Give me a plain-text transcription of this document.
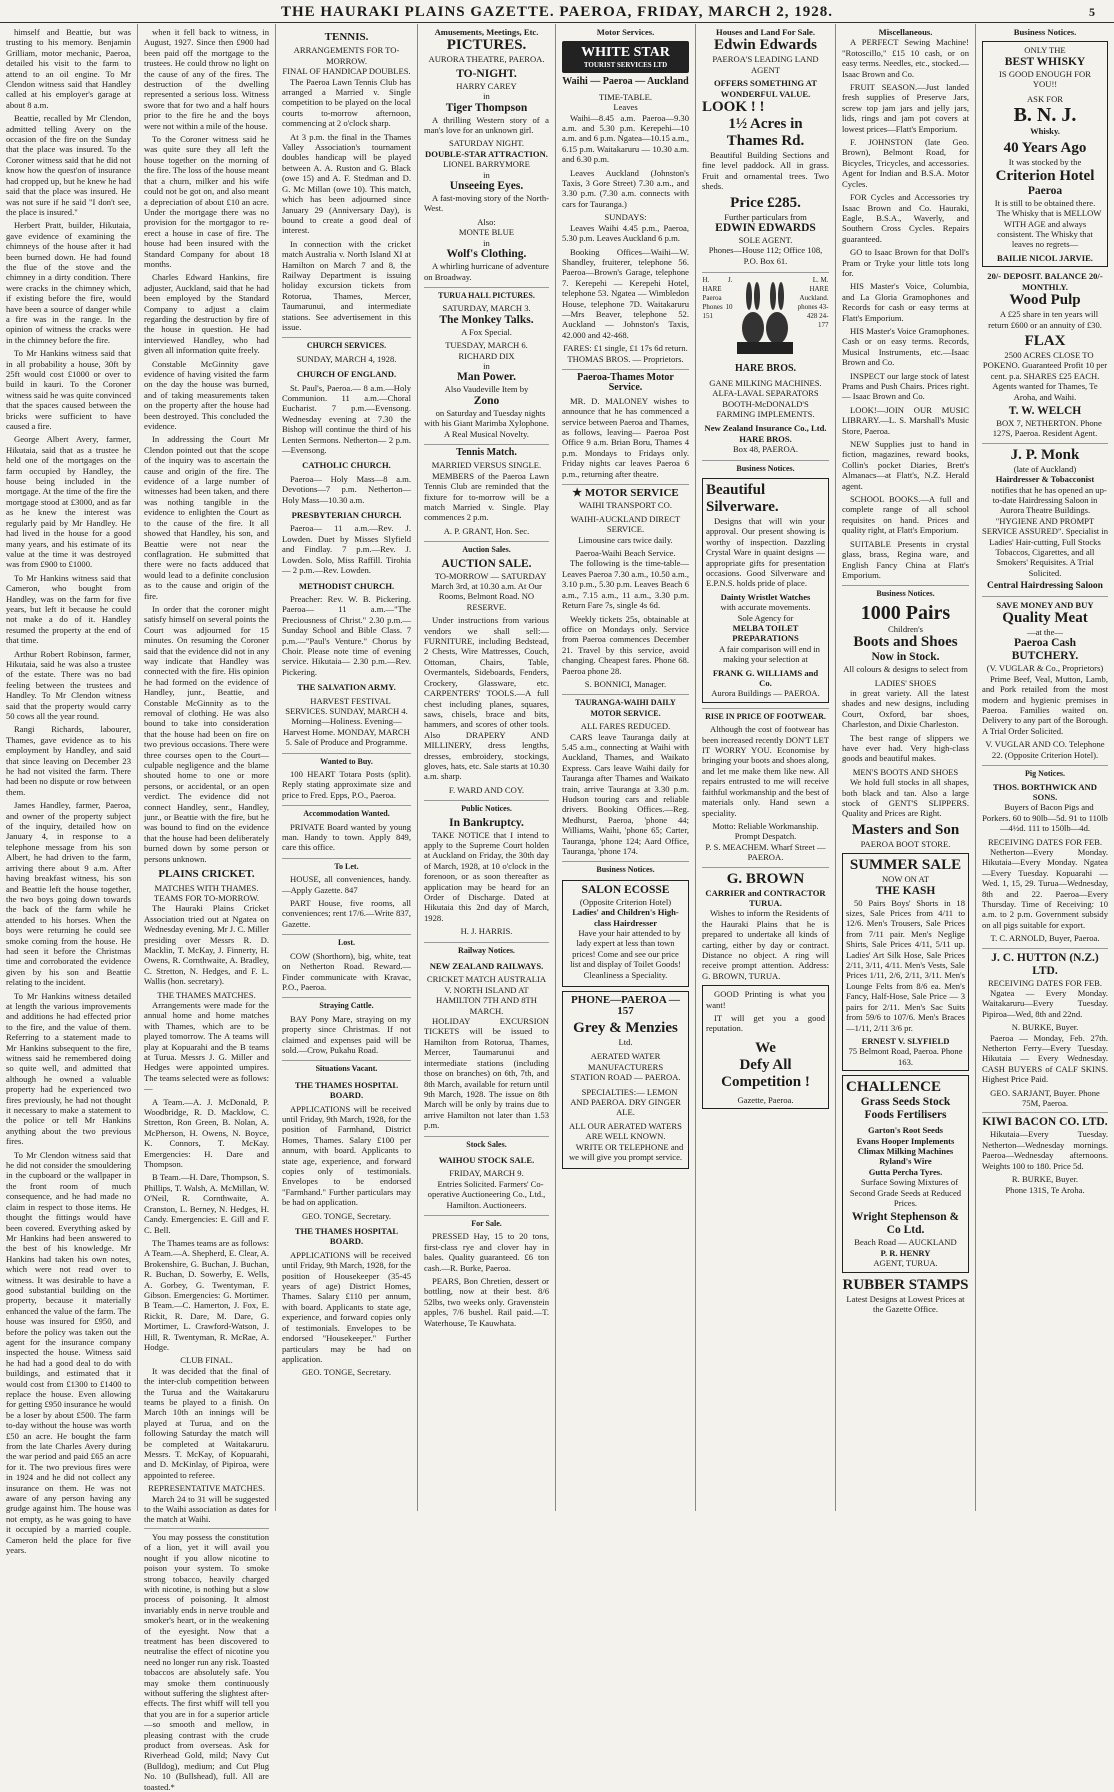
THE HAURAKI PLAINS GAZETTE. PAEROA, FRIDAY, MARCH 2, 1928.	5

himself and Beattie, but was trusting to his memory. Benjamin Grilliam, motor mechanic, Paeroa, detailed his visit to the farm to attend to an oil engine. To Mr Clendon witness said that Handley called at his employer's garage at about 8 a.m.

Beattie, recalled by Mr Clendon, admitted telling Avery on the occasion of the fire on the Sunday that the place was insured. To the Coroner witness said that he did not know how the quest'on of insurance had cropped up, but he knew he had said that the place was insured. He was not sure if he said "I don't see, the place is insured."

Herbert Pratt, builder, Hikutaia, gave evidence of examining the chimneys of the house after it had been burned down. He had found the flue of the stove and the chimney in a dirty condition. There were cracks in the chimney which, if existing before the fire, would have been a source of danger while a fire was in the range. In the opinion of witness the cracks were in the chimney before the fire.

To Mr Hankins witness said that in all probability a house, 30ft by 25ft would cost £1000 or over to build in kauri. To the Coroner witness said he was quite convinced that the spaces caused between the bricks were sufficient to have caused a fire.

George Albert Avery, farmer, Hikutaia, said that as a trustee he held one of the mortgages on the farm occupied by Handley, the house being included in the mortgage. At the time of the fire the mortgage stood at £3000, and as far as he knew the interest was regularly paid by Mr Handley. He had lived in the house for a good many years, and his estimate of its value at the time it was destroyed was from £900 to £1000.

To Mr Hankins witness said that Cameron, who bought from Handley, was on the farm for five years, but left it because he could not make a do of it. Handley resumed the property at the end of that time.

Arthur Robert Robinson, farmer, Hikutaia, said he was also a trustee of the estate. There was no bad feeling between the trustees and Handley. To Mr Clendon witness said that the property would carry 50 cows all the year round.

Rangi Richards, labourer, Thames, gave evidence as to his employment by Handley, and said that since leaving on December 23 he had not visited the farm. There had been no dispute or row between them.

James Handley, farmer, Paeroa, and owner of the property subject of the inquiry, detailed how on January 4, in response to a telephone message from his son Albert, he had driven to the farm, arriving there about 9 a.m. After having breakfast witness, his son and Beattie left the house together, the two boys going down towards the back of the farm while he attended to his horses. When the boys were returning he could see smoke coming from the house. He had seen it before the Christmas time and corroborated the evidence given by his son and Beattie relating to the incident.

To Mr Hankins witness detailed at length the various improvements and additions he had effected prior to the fire, and the value of them. Referring to a statement made to Mr Hankins subsequent to the fire, witness said he remembered doing so quite well, and admitted that although he owned a valuable property had he experienced two fires previously, he had not thought it necessary to make a statement to the police or tell Mr Hankins anything about the two previous fires.

To Mr Clendon witness said that he did not consider the smouldering in the cupboard or the wallpaper in the front room of much consequence, and he had made no claim in respect to those items. He thought the fittings would have been covered. Everything asked by Mr Hankins had been answered to the best of his knowledge. Mr Hankins had taken his own notes, which were not read over to witness. It was desirable to have a good substantial building on the property, because it materially enhanced the value of the farm. The house was insured for £950, and before the policy was taken out the agent for the insurance company inspected the house. Witness said he had had a good deal to do with buildings, and estimated that it would cost from £1300 to £1400 to replace the house. Even allowing for getting £950 insurance he would be a loser by about £500. The farm to-day without the house was worth £50 an acre. He bought the farm from the late Charles Avery during the war period and paid £65 an acre for it. The two previous fires were in 1924 and he did not collect any insurance on them. He was not aware of any person having any grudge against him. The house was not empty, as he was going to have it occupied by a married couple. Cameron held the place for five years.

when it fell back to witness, in August, 1927. Since then £900 had been paid off the mortgage to the trustees. He could throw no light on the cause of any of the fires. The destruction of the dwelling represented a serious loss. Witness swore that for two and a half hours prior to the fire he and the boys were not within a mile of the house.

To the Coroner witness said he was quite sure they all left the house together on the morning of the fire. The loss of the house meant that a churn, milker and his wife could not be got on, and also meant a depreciation of about £10 an acre. Under the mortgage there was no provision for the mortgagor to re-erect a house in case of fire. The house had been insured with the Standard Company for about 18 months.

Charles Edward Hankins, fire adjuster, Auckland, said that he had been employed by the Standard Company to adjust a claim regarding the destruction by fire of the house in question. He had interviewed Handley, who had given all information quite freely.

Constable McGinnity gave evidence of having visited the farm on the day the house was burned, and of taking measurements taken on the property after the house had been destroyed. This concluded the evidence.

In addressing the Court Mr Clendon pointed out that the scope of the inquiry was to ascertain the cause and origin of the fire. The evidence of a large number of witnesses had been taken, and there was nothing tangible in the evidence to enlighten the Court as to the cause of the fire. It all showed that Handley, his son, and Beattie were not near the conflagration. He submitted that there were no facts adduced that would lead to a definite conclusion as to the cause and origin of the fire.

In order that the coroner might satisfy himself on several points the Court was adjourned for 15 minutes. On resuming the Coroner said that the evidence did not in any way indicate that Handley was connected with the fire. His opinion he had formed on the evidence of Handley, junr., Beattie, and Constable McGinnity as to the removal of clothing. He was also bound to take into consideration that the house had been on fire on two previous occasions. There were three courses open to the Court—culpable negligence and the blame shouted home to one or more persons, or accidental, or an open verdict. The evidence did not connect Handley, senr., Handley, junr., or Beattie with the fire, but he was bound to find on the evidence that the house had been deliberately burned down by some person or persons unknown.

PLAINS CRICKET.
MATCHES WITH THAMES.
TEAMS FOR TO-MORROW.

The Hauraki Plains Cricket Association tried out at Ngatea on Wednesday evening. Mr J. C. Miller presiding over Messrs R. D. Macklin, T. McKay, J. Finnerty, H. Owens, R. Cornthwaite, A. Bradley, C. Stretton, N. Hedges, and F. L. Wallis (hon. secretary).

THE THAMES MATCHES.

Arrangements were made for the annual home and home matches with Thames, which are to be played tomorrow. The A teams will play at Kopuarahi and the B teams at Turua. Messrs J. G. Miller and Hedges were appointed umpires. The teams selected were as follows:—

A Team.—A. J. McDonald, P. Woodbridge, R. D. Macklow, C. Stretton, Ron Green, B. Nolan, A. McPherson, H. Owens, N. Boyce, K. Connors, T. McKay. Emergencies: H. Dare and Thompson.

B Team.—H. Dare, Thompson, S. Phillips, T. Walsh, A. McMillan, W. O'Neil, R. Cornthwaite, A. Cranston, L. Berney, N. Hedges, H. Candy. Emergencies: E. Gill and F. C. Bell.

The Thames teams are as follows: A Team.—A. Shepherd, E. Clear, A. Brokenshire, G. Buchan, J. Buchan, R. Buchan, D. Sowerby, E. Wells, A. Gorbey, G. Twentyman, F. Gibson. Emergencies: G. Mortimer. B Team.—C. Hamerton, J. Fox, E. Rickit, R. Dare, M. Dare, G. Mortimer, L. Crawford-Watson, J. Hill, R. Twentyman, R. McRae, A. Hodge.

CLUB FINAL.

It was decided that the final of the inter-club competition between the Turua and the Waitakaruru teams be played to a finish. On March 10th an innings will be played at Turua, and on the following Saturday the match will be completed at Waitakaruru. Messrs. T. McKay, of Kopuarahi, and D. McKinlay, of Pipiroa, were appointed to referee.

REPRESENTATIVE MATCHES.

March 24 to 31 will be suggested to the Waihi association as dates for the match at Waihi.

You may possess the constitution of a lion, yet it will avail you nought if you allow nicotine to poison your system. To smoke strong tobacco, heavily charged with nicotine, is nothing but a slow process of poisoning. It almost invariably ends in nerve trouble and smoker's heart, or in the weakening of the eyesight. Now that a treatment has been discovered to neutralise the effect of nicotine you need no longer run any risk. Toasted tobaccos are absolutely safe. You may smoke them continuously without suffering the slightest after-effects. The first whiff will tell you that you are in for a superior article—so smooth and mellow, in pleasing contrast with the crude product from overseas. Ask for Riverhead Gold, mild; Navy Cut (Bulldog), medium; and Cut Plug No. 10 (Bullshead), full. All are toasted.*

TENNIS.
ARRANGEMENTS FOR TO-MORROW.
FINAL OF HANDICAP DOUBLES.

The Paeroa Lawn Tennis Club has arranged a Married v. Single competition to be played on the local courts to-morrow afternoon, commencing at 2 o'clock sharp.

At 3 p.m. the final in the Thames Valley Association's tournament doubles handicap will be played between A. A. Ruston and G. Black (owe 15) and A. F. Stedman and D. G. Mc Millan (owe 10). This match, which has been adjourned since January 29 (Anniversary Day), is bound to create a good deal of interest.

In connection with the cricket match Australia v. North Island XI at Hamilton on March 7 and 8, the Railway Department is issuing holiday excursion tickets from Rotorua, Thames, Mercer, Taumarunui, and intermediate stations. See advertisement in this issue.

CHURCH SERVICES.
SUNDAY, MARCH 4, 1928.
CHURCH OF ENGLAND.

St. Paul's, Paeroa.— 8 a.m.—Holy Communion. 11 a.m.—Choral Eucharist. 7 p.m.—Evensong. Wednesday evening at 7.30 the Bishop will continue the third of his Lenten Sermons. Netherton— 2 p.m.—Evensong.

CATHOLIC CHURCH.

Paeroa— Holy Mass—8 a.m. Devotions—7 p.m. Netherton— Holy Mass—10.30 a.m.

PRESBYTERIAN CHURCH.

Paeroa— 11 a.m.—Rev. J. Lowden. Duet by Misses Slyfield and Findlay. 7 p.m.—Rev. J. Lowden. Solo, Miss Raffill. Tirohia— 2 p.m.—Rev. Lowden.

METHODIST CHURCH.

Preacher: Rev. W. B. Pickering. Paeroa— 11 a.m.—"The Preciousness of Christ." 2.30 p.m.—Sunday School and Bible Class. 7 p.m.—"Paul's Venture." Chorus by Choir. Please note time of evening service. Hikutaia— 2.30 p.m.—Rev. Pickering.

THE SALVATION ARMY.

HARVEST FESTIVAL SERVICES. SUNDAY, MARCH 4. Morning—Holiness. Evening—Harvest Home. MONDAY, MARCH 5. Sale of Produce and Programme.

Wanted to Buy.

100 HEART Totara Posts (split). Reply stating approximate size and price to Fred. Epps, P.O., Paeroa.

Accommodation Wanted.

PRIVATE Board wanted by young man. Handy to town. Apply 849, care this office.

To Let.

HOUSE, all conveniences, handy.—Apply Gazette. 847

PART House, five rooms, all conveniences; rent 17/6.—Write 837, Gazette.

Lost.

COW (Shorthorn), big, white, teat on Netherton Road. Reward.—Finder communicate with Kravac, P.O., Paeroa.

Straying Cattle.

BAY Pony Mare, straying on my property since Christmas. If not claimed and expenses paid will be sold.—Crow, Pukahu Road.

Situations Vacant.
THE THAMES HOSPITAL BOARD.

APPLICATIONS will be received until Friday, 9th March, 1928, for the position of Farmhand, District Homes, Thames. Salary £100 per annum, with board. Applicants to state age, experience, and forward copies only of testimonials. Envelopes to be endorsed "Farmhand." Further particulars may be had on application.

GEO. TONGE, Secretary.
THE THAMES HOSPITAL BOARD.

APPLICATIONS will be received until Friday, 9th March, 1928, for the position of Housekeeper (35-45 years of age) District Homes, Thames. Salary £110 per annum, with board. Applicants to state age, experience, and forward copies only of testimonials. Envelopes to be endorsed "Housekeeper." Further particulars may be had on application.

GEO. TONGE, Secretary.
Amusements, Meetings, Etc.
PICTURES.
AURORA THEATRE, PAEROA.
TO-NIGHT.
HARRY CAREY
in
Tiger Thompson

A thrilling Western story of a man's love for an unknown girl.

SATURDAY NIGHT.
DOUBLE-STAR ATTRACTION.
LIONEL BARRYMORE
in
Unseeing Eyes.

A fast-moving story of the North-West.

Also:
MONTE BLUE
in
Wolf's Clothing.

A whirling hurricane of adventure on Broadway.

TURUA HALL PICTURES.
SATURDAY, MARCH 3.
The Monkey Talks.
A Fox Special.
TUESDAY, MARCH 6.
RICHARD DIX
in
Man Power.
Also Vaudeville Item by
Zono

on Saturday and Tuesday nights with his Giant Marimba Xylophone. A Real Musical Novelty.

Tennis Match.
MARRIED VERSUS SINGLE.

MEMBERS of the Paeroa Lawn Tennis Club are reminded that the fixture for to-morrow will be a match Married v. Single. Play commences 2 p.m.

A. P. GRANT, Hon. Sec.
Auction Sales.
AUCTION SALE.

TO-MORROW — SATURDAY March 3rd, at 10.30 a.m. At Our Rooms, Belmont Road. NO RESERVE.

Under instructions from various vendors we shall sell:— FURNITURE, including Bedstead, 2 Chests, Wire Mattresses, Couch, Ottoman, Chairs, Table, Overmantels, Sideboards, Fenders, Crockery, Glassware, etc. CARPENTERS' TOOLS.—A full chest including planes, squares, saws, chisels, brace and bits, hammers, and scores of other tools. Also DRAPERY AND MILLINERY, dress lengths, dresses, embroidery, stockings, gloves, hats, etc. Sale starts at 10.30 a.m. sharp.

F. WARD AND COY.
Public Notices.
In Bankruptcy.

TAKE NOTICE that I intend to apply to the Supreme Court holden at Auckland on Friday, the 30th day of March, 1928, at 10 o'clock in the forenoon, or as soon thereafter as application may be heard for an Order of Discharge. Dated at Hikutaia this 2nd day of March, 1928.

H. J. HARRIS.
Railway Notices.
NEW ZEALAND RAILWAYS.
CRICKET MATCH AUSTRALIA V. NORTH ISLAND AT HAMILTON 7TH AND 8TH MARCH.

HOLIDAY EXCURSION TICKETS will be issued to Hamilton from Rotorua, Thames, Mercer, Taumarunui and intermediate stations (including those on branches) on 6th, 7th, and 8th March, available for return until 9th March, 1928. The issue on 8th March will be only by trains due to arrive Hamilton not later than 1.53 p.m.

Stock Sales.
WAIHOU STOCK SALE.
FRIDAY, MARCH 9.

Entries Solicited. Farmers' Co-operative Auctioneering Co., Ltd., Hamilton. Auctioneers.

For Sale.

PRESSED Hay, 15 to 20 tons, first-class rye and clover hay in bales. Quality guaranteed. £6 ton cash.—R. Burke, Paeroa.

PEARS, Bon Chretien, dessert or bottling, now at their best. 8/6 52lbs, two weeks only. Gravenstein apples, 7/6 bushel. Rail paid.—T. Waterhouse, Te Kauwhata.

Motor Services.
WHITE STAR
TOURIST SERVICES LTD
Waihi — Paeroa — Auckland
TIME-TABLE.
Leaves

Waihi—8.45 a.m. Paeroa—9.30 a.m. and 5.30 p.m. Kerepehi—10 a.m. and 6 p.m. Ngatea—10.15 a.m., 6.15 p.m. Waitakaruru — 10.30 a.m. and 6.30 p.m.

Leaves Auckland (Johnston's Taxis, 3 Gore Street) 7.30 a.m., and 3.30 p.m. (7.30 a.m. connects with cars for Tauranga.)

SUNDAYS:

Leaves Waihi 4.45 p.m., Paeroa, 5.30 p.m. Leaves Auckland 6 p.m.

Booking Offices—Waihi—W. Shandley, fruiterer, telephone 56. Paeroa—Brown's Garage, telephone 7. Kerepehi — Kerepehi Hotel, telephone 53. Ngatea — Wimbledon House, telephone 7D. Waitakaruru—Mrs Beaver, telephone 52. Auckland — Johnston's Taxis, 42.000 and 42-468.

FARES: £1 single, £1 17s 6d return.
THOMAS BROS. — Proprietors.
Paeroa-Thames Motor Service.

MR. D. MALONEY wishes to announce that he has commenced a service between Paeroa and Thames, as follows, leaving— Paeroa Post Office 9 a.m. Brian Boru, Thames 4 p.m. Mondays to Fridays only. Friday nights car leaves Paeroa 6 p.m., returning after theatre.

★ MOTOR SERVICE
WAIHI TRANSPORT CO.
WAIHI-AUCKLAND DIRECT SERVICE.
Limousine cars twice daily.
Paeroa-Waihi Beach Service.

The following is the time-table— Leaves Paeroa 7.30 a.m., 10.50 a.m., 3.10 p.m., 5.30 p.m. Leaves Beach 6 a.m., 7.15 a.m., 11 a.m., 3.30 p.m. Return Fare 7s, single 4s 6d.

Weekly tickets 25s, obtainable at office on Mondays only. Service from Paeroa commences December 21. Travel by this service, avoid changing. Cheapest fares. Phone 68. Paeroa phone 28.

S. BONNICI, Manager.
TAURANGA-WAIHI DAILY MOTOR SERVICE.
ALL FARES REDUCED.

CARS leave Tauranga daily at 5.45 a.m., connecting at Waihi with Auckland, Thames, and Waikato Express. Cars leave Waihi daily for Tauranga after Thames and Waikato train, arrive Tauranga at 3.30 p.m. Hudson touring cars and reliable drivers. Booking Offices.—Reg. Medhurst, Paeroa, 'phone 44; Williams, Waihi, 'phone 65; Carter, Tauranga, 'phone 124; Aard Office, Tauranga, 'phone 174.

Business Notices.
SALON ECOSSE
(Opposite Criterion Hotel)
Ladies' and Children's High-class Hairdresser

Have your hair attended to by lady expert at less than town prices! Come and see our price list and display of Toilet Goods! Cleanliness a Speciality.

PHONE—PAEROA —157
Grey & Menzies
Ltd.
AERATED WATER MANUFACTURERS
STATION ROAD — PAEROA.

SPECIALTIES:— LEMON AND PAEROA. DRY GINGER ALE.

ALL OUR AERATED WATERS ARE WELL KNOWN.

WRITE OR TELEPHONE and we will give you prompt service.

Houses and Land For Sale.
Edwin Edwards
PAEROA'S LEADING LAND AGENT
OFFERS SOMETHING AT WONDERFUL VALUE.
LOOK ! !
1½ Acres in Thames Rd.

Beautiful Building Sections and fine level paddock. All in grass. Fruit and ornamental trees. Two sheds.

Price £285.
Further particulars from
EDWIN EDWARDS
SOLE AGENT.
Phones—House 112; Office 108, P.O. Box 61.
H. J. HARE Paeroa Phones 10 151
L. M. HARE Auckland. phones 43-428 24-177
HARE BROS.
GANE MILKING MACHINES.
ALFA-LAVAL SEPARATORS
BOOTH-McDONALD'S
FARMING IMPLEMENTS.
New Zealand Insurance Co., Ltd.
HARE BROS.
Box 48, PAEROA.
Business Notices.
Beautiful Silverware.

Designs that will win your approval. Our present showing is worthy of inspection. Dazzling Crystal Ware in quaint designs — appropriate gifts for presentation occasions. Good Silverware and E.P.N.S. holds pride of place.

Dainty Wristlet Watches
with accurate movements.
Sole Agency for
MELBA TOILET PREPARATIONS

A fair comparison will end in making your selection at

FRANK G. WILLIAMS and Co.
Aurora Buildings — PAEROA.
RISE IN PRICE OF FOOTWEAR.

Although the cost of footwear has been increased recently DON'T LET IT WORRY YOU. Economise by bringing your boots and shoes along, and let me make them like new. All repairs entrusted to me will receive faithful workmanship and the best of materials only. Hand sewn a speciality.

Motto: Reliable Workmanship. Prompt Despatch.
P. S. MEACHEM. Wharf Street — PAEROA.
G. BROWN
CARRIER and CONTRACTOR TURUA.

Wishes to inform the Residents of the Hauraki Plains that he is prepared to undertake all kinds of carting, either by day or contract. Distance no object. A ring will receive prompt attention. Address: G. BROWN, TURUA.

GOOD Printing is what you want!

IT will get you a good reputation.

We
Defy All
Competition !
Gazette, Paeroa.
Miscellaneous.

A PERFECT Sewing Machine! "Rotoscillo," £15 10 cash, or on easy terms. Needles, etc., stocked.—Isaac Brown and Co.

FRUIT SEASON.—Just landed fresh supplies of Preserve Jars, screw top jam jars and jelly jars, lids, rings and jam pot covers at lowest prices—Flatt's Emporium.

F. JOHNSTON (late Geo. Brown), Belmont Road, for Bicycles, Tricycles, and accessories. Agent for Indian and B.S.A. Motor Cycles.

FOR Cycles and Accessories try Isaac Brown and Co. Hauraki, Eagle, B.S.A., Waverly, and Southern Cross Cycles. Repairs guaranteed.

GO to Isaac Brown for that Doll's Pram or Tryke your little tots long for.

HIS Master's Voice, Columbia, and La Gloria Gramophones and Records for cash or easy terms at Flatt's Emporium.

HIS Master's Voice Gramophones. Cash or on easy terms. Records, Musical Instruments, etc.—Isaac Brown and Co.

INSPECT our large stock of latest Prams and Push Chairs. Prices right. — Isaac Brown and Co.

LOOK!—JOIN OUR MUSIC LIBRARY.—L. S. Marshall's Music Store, Paeroa.

NEW Supplies just to hand in fiction, magazines, reward books, Collin's pocket Diaries, Brett's Almanacs—at Flatt's, N.Z. Herald agent.

SCHOOL BOOKS.—A full and complete range of all school requisites on hand. Prices and quality right, at Flatt's Emporium.

SUITABLE Presents in crystal glass, brass, Regina ware, and English Fancy China at Flatt's Emporium.

Business Notices.
1000 Pairs
Children's
Boots and Shoes
Now in Stock.
All colours & designs to select from
LADIES' SHOES

in great variety. All the latest shades and new designs, including Court, Oxford, bar shoes, Charleston, and Dixie Charleston.

The best range of slippers we have ever had. Very high-class goods and beautiful makes.

MEN'S BOOTS AND SHOES

We hold full stocks in all shapes, both black and tan. Also a large stock of GENT'S SLIPPERS. Quality and Prices are Right.

Masters and Son
PAEROA BOOT STORE.
SUMMER SALE
NOW ON AT
THE KASH

50 Pairs Boys' Shorts in 18 sizes, Sale Prices from 4/11 to 12/6. Men's Trousers, Sale Prices from 7/11 pair. Men's Neglige Shirts, Sale Prices 4/11, 5/11 up. Ladies' Art Silk Hose, Sale Prices 2/11, 3/11, 4/11. Men's Vests, Sale Prices 1/11, 2/6, 2/11, 3/11. Men's Lounge Felts from 8/6 ea. Men's Fancy, Half-Hose, Sale Price — 3 pairs for 2/11. Men's Sac Suits from 59/6 to 107/6. Men's Braces—1/11, 2/11 3/6 pr.

ERNEST V. SLYFIELD
75 Belmont Road, Paeroa. Phone 163.
CHALLENCE
Grass Seeds Stock Foods Fertilisers
Garton's Root Seeds
Evans Hooper Implements
Climax Milking Machines
Ryland's Wire
Gutta Percha Tyres.

Surface Sowing Mixtures of Second Grade Seeds at Reduced Prices.

Wright Stephenson & Co Ltd.
Beach Road — AUCKLAND
P. R. HENRY
AGENT, TURUA.
RUBBER STAMPS
Latest Designs at Lowest Prices at the Gazette Office.
Business Notices.
ONLY THE
BEST WHISKY
IS GOOD ENOUGH FOR YOU!!
ASK FOR
B. N. J.
Whisky.
40 Years Ago
It was stocked by the
Criterion Hotel
Paeroa
It is still to be obtained there.

The Whisky that is MELLOW WITH AGE and always consistent. The Whisky that leaves no regrets—

BAILIE NICOL JARVIE.
20/- DEPOSIT. BALANCE 20/- MONTHLY.
Wood Pulp

A £25 share in ten years will return £600 or an annuity of £30.

FLAX

2500 ACRES CLOSE TO POKENO. Guaranteed Profit 10 per cent. p.a. SHARES £25 EACH. Agents wanted for Thames, Te Aroha, and Waihi.

T. W. WELCH

BOX 7, NETHERTON. Phone 127S, Paeroa. Resident Agent.

J. P. Monk
(late of Auckland)
Hairdresser & Tobacconist

notifies that he has opened an up-to-date Hairdressing Saloon in Aurora Theatre Buildings. "HYGIENE AND PROMPT SERVICE ASSURED". Specialist in Ladies' Hair-cutting, Full Stocks Tobaccos, Cigarettes, and all Smokers' Requisites. A Trial Solicited.

Central Hairdressing Saloon
SAVE MONEY AND BUY
Quality Meat
—at the—
Paeroa Cash BUTCHERY.
(V. VUGLAR & Co., Proprietors)

Prime Beef, Veal, Mutton, Lamb, and Pork retailed from the most modern and hygienic premises in Paeroa. Families waited on. Delivery to any part of the Borough. A Trial Order Solicited.

V. VUGLAR AND CO. Telephone 22. (Opposite Criterion Hotel).
Pig Notices.
THOS. BORTHWICK AND SONS.

Buyers of Bacon Pigs and Porkers. 60 to 90lb—5d. 91 to 110lb—4½d. 111 to 150lb—4d.

RECEIVING DATES FOR FEB.

Netherton—Every Monday. Hikutaia—Every Monday. Ngatea—Every Tuesday. Kopuarahi — Wed. 1, 15, 29. Turua—Wednesday, 8th and 22. Paeroa—Every Thursday. Time of Receiving: 10 a.m. to 2 p.m. Government subsidy on all pigs suitable for export.

T. C. ARNOLD, Buyer, Paeroa.
J. C. HUTTON (N.Z.) LTD.
RECEIVING DATES FOR FEB.

Ngatea — Every Monday. Waitakaruru—Every Tuesday. Pipiroa—Wed, 8th and 22nd.

N. BURKE, Buyer.

Paeroa — Monday, Feb. 27th. Netherton Ferry—Every Tuesday. Hikutaia — Every Wednesday. CASH BUYERS of CALF SKINS. Highest Price Paid.

GEO. SARJANT, Buyer. Phone 75M, Paeroa.
KIWI BACON CO. LTD.

Hikutaia—Every Tuesday. Netherton—Wednesday mornings. Paeroa—Wednesday afternoons. Weights 100 to 180. Price 5d.

R. BURKE, Buyer.
Phone 131S, Te Aroha.
